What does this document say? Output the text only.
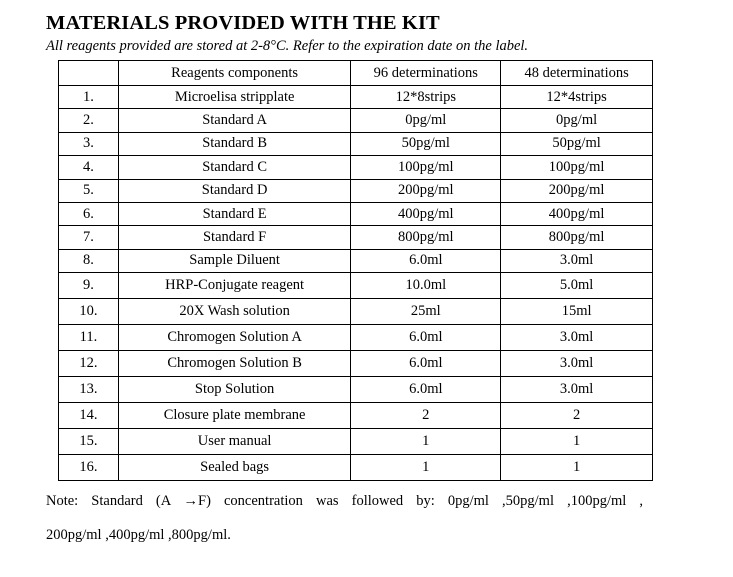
MATERIALS PROVIDED WITH THE KIT
All reagents provided are stored at 2-8°C. Refer to the expiration date on the label.
	Reagents components	96 determinations	48 determinations
1.	Microelisa stripplate	12*8strips	12*4strips
2.	Standard A	0pg/ml	0pg/ml
3.	Standard B	50pg/ml	50pg/ml
4.	Standard C	100pg/ml	100pg/ml
5.	Standard D	200pg/ml	200pg/ml
6.	Standard E	400pg/ml	400pg/ml
7.	Standard F	800pg/ml	800pg/ml
8.	Sample Diluent	6.0ml	3.0ml
9.	HRP-Conjugate reagent	10.0ml	5.0ml
10.	20X Wash solution	25ml	15ml
11.	Chromogen Solution A	6.0ml	3.0ml
12.	Chromogen Solution B	6.0ml	3.0ml
13.	Stop Solution	6.0ml	3.0ml
14.	Closure plate membrane	2	2
15.	User manual	1	1
16.	Sealed bags	1	1
Note: Standard (A →F) concentration was followed by: 0pg/ml ,50pg/ml ,100pg/ml ,
200pg/ml ,400pg/ml ,800pg/ml.
